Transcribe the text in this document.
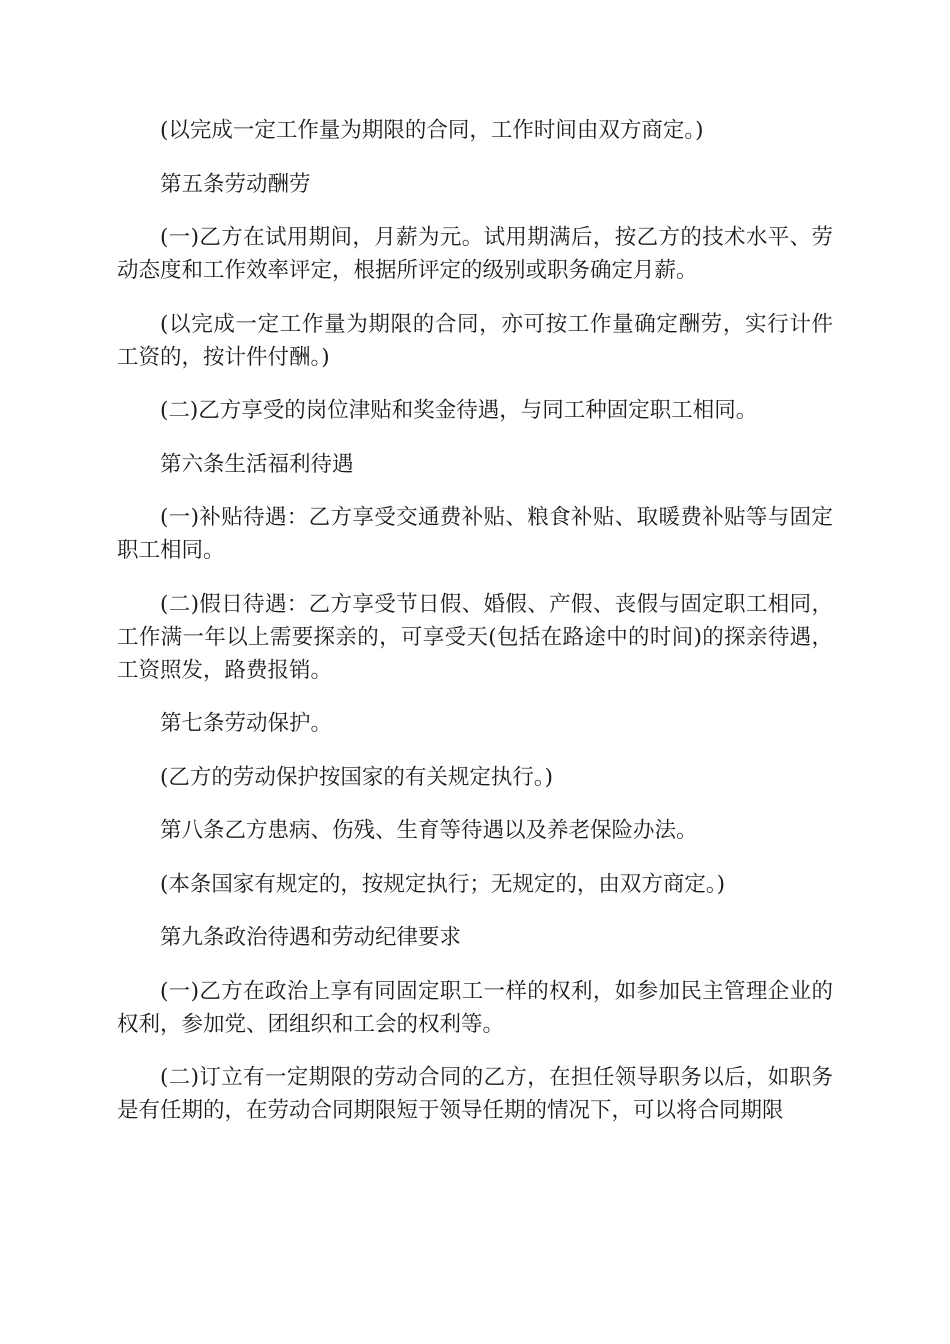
(以完成一定工作量为期限的合同，工作时间由双方商定。)

第五条劳动酬劳

(一)乙方在试用期间，月薪为元。试用期满后，按乙方的技术水平、劳动态度和工作效率评定，根据所评定的级别或职务确定月薪。

(以完成一定工作量为期限的合同，亦可按工作量确定酬劳，实行计件工资的，按计件付酬。)

(二)乙方享受的岗位津贴和奖金待遇，与同工种固定职工相同。

第六条生活福利待遇

(一)补贴待遇：乙方享受交通费补贴、粮食补贴、取暖费补贴等与固定职工相同。

(二)假日待遇：乙方享受节日假、婚假、产假、丧假与固定职工相同，工作满一年以上需要探亲的，可享受天(包括在路途中的时间)的探亲待遇，工资照发，路费报销。

第七条劳动保护。

(乙方的劳动保护按国家的有关规定执行。)

第八条乙方患病、伤残、生育等待遇以及养老保险办法。

(本条国家有规定的，按规定执行；无规定的，由双方商定。)

第九条政治待遇和劳动纪律要求

(一)乙方在政治上享有同固定职工一样的权利，如参加民主管理企业的权利，参加党、团组织和工会的权利等。

(二)订立有一定期限的劳动合同的乙方，在担任领导职务以后，如职务是有任期的，在劳动合同期限短于领导任期的情况下，可以将合同期限
